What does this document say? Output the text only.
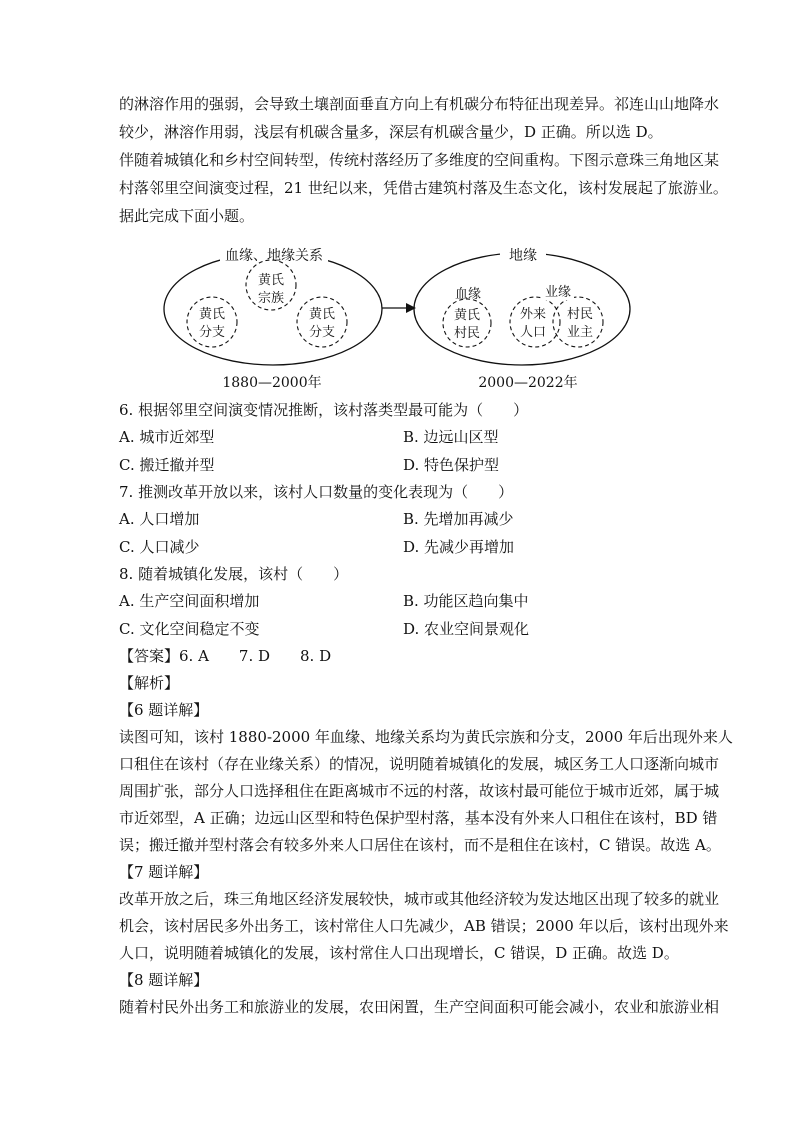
的淋溶作用的强弱，会导致土壤剖面垂直方向上有机碳分布特征出现差异。祁连山山地降水
较少，淋溶作用弱，浅层有机碳含量多，深层有机碳含量少，D 正确。所以选 D。
伴随着城镇化和乡村空间转型，传统村落经历了多维度的空间重构。下图示意珠三角地区某
村落邻里空间演变过程，21 世纪以来，凭借古建筑村落及生态文化，该村发展起了旅游业。
据此完成下面小题。
血缘、地缘关系
黄氏
宗族
黄氏
分支
黄氏
分支
1880—2000年
地缘
血缘
黄氏
村民
业缘
外来
人口
村民
业主
2000—2022年
6. 根据邻里空间演变情况推断，该村落类型最可能为（　　）
A. 城市近郊型	B. 边远山区型
C. 搬迁撤并型	D. 特色保护型
7. 推测改革开放以来，该村人口数量的变化表现为（　　）
A. 人口增加	B. 先增加再减少
C. 人口减少	D. 先减少再增加
8. 随着城镇化发展，该村（　　）
A. 生产空间面积增加	B. 功能区趋向集中
C. 文化空间稳定不变	D. 农业空间景观化
【答案】6. A　　7. D　　8. D
【解析】
【6 题详解】
读图可知，该村 1880-2000 年血缘、地缘关系均为黄氏宗族和分支，2000 年后出现外来人
口租住在该村（存在业缘关系）的情况，说明随着城镇化的发展，城区务工人口逐渐向城市
周围扩张，部分人口选择租住在距离城市不远的村落，故该村最可能位于城市近郊，属于城
市近郊型，A 正确；边远山区型和特色保护型村落，基本没有外来人口租住在该村，BD 错
误；搬迁撤并型村落会有较多外来人口居住在该村，而不是租住在该村，C 错误。故选 A。
【7 题详解】
改革开放之后，珠三角地区经济发展较快，城市或其他经济较为发达地区出现了较多的就业
机会，该村居民多外出务工，该村常住人口先减少，AB 错误；2000 年以后，该村出现外来
人口，说明随着城镇化的发展，该村常住人口出现增长，C 错误，D 正确。故选 D。
【8 题详解】
随着村民外出务工和旅游业的发展，农田闲置，生产空间面积可能会减小，农业和旅游业相
